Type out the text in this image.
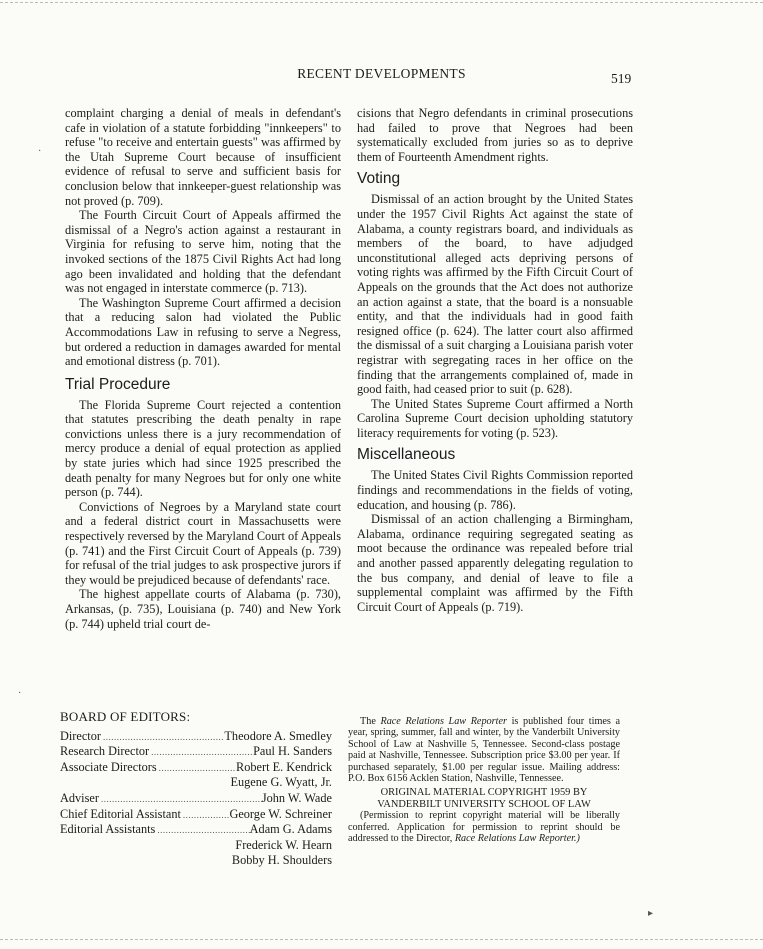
RECENT DEVELOPMENTS	519

complaint charging a denial of meals in defendant's cafe in violation of a statute forbidding "innkeepers" to refuse "to receive and entertain guests" was affirmed by the Utah Supreme Court because of insufficient evidence of refusal to serve and sufficient basis for conclusion below that innkeeper-guest relationship was not proved (p. 709).

The Fourth Circuit Court of Appeals affirmed the dismissal of a Negro's action against a restaurant in Virginia for refusing to serve him, noting that the invoked sections of the 1875 Civil Rights Act had long ago been invalidated and holding that the defendant was not engaged in interstate commerce (p. 713).

The Washington Supreme Court affirmed a decision that a reducing salon had violated the Public Accommodations Law in refusing to serve a Negress, but ordered a reduction in damages awarded for mental and emotional distress (p. 701).

Trial Procedure

The Florida Supreme Court rejected a contention that statutes prescribing the death penalty in rape convictions unless there is a jury recommendation of mercy produce a denial of equal protection as applied by state juries which had since 1925 prescribed the death penalty for many Negroes but for only one white person (p. 744).

Convictions of Negroes by a Maryland state court and a federal district court in Massachusetts were respectively reversed by the Maryland Court of Appeals (p. 741) and the First Circuit Court of Appeals (p. 739) for refusal of the trial judges to ask prospective jurors if they would be prejudiced because of defendants' race.

The highest appellate courts of Alabama (p. 730), Arkansas, (p. 735), Louisiana (p. 740) and New York (p. 744) upheld trial court de-

cisions that Negro defendants in criminal prosecutions had failed to prove that Negroes had been systematically excluded from juries so as to deprive them of Fourteenth Amendment rights.

Voting

Dismissal of an action brought by the United States under the 1957 Civil Rights Act against the state of Alabama, a county registrars board, and individuals as members of the board, to have adjudged unconstitutional alleged acts depriving persons of voting rights was affirmed by the Fifth Circuit Court of Appeals on the grounds that the Act does not authorize an action against a state, that the board is a nonsuable entity, and that the individuals had in good faith resigned office (p. 624). The latter court also affirmed the dismissal of a suit charging a Louisiana parish voter registrar with segregating races in her office on the finding that the arrangements complained of, made in good faith, had ceased prior to suit (p. 628).

The United States Supreme Court affirmed a North Carolina Supreme Court decision upholding statutory literacy requirements for voting (p. 523).

Miscellaneous

The United States Civil Rights Commission reported findings and recommendations in the fields of voting, education, and housing (p. 786).

Dismissal of an action challenging a Birmingham, Alabama, ordinance requiring segregated seating as moot because the ordinance was repealed before trial and another passed apparently delegating regulation to the bus company, and denial of leave to file a supplemental complaint was affirmed by the Fifth Circuit Court of Appeals (p. 719).

BOARD OF EDITORS:

Director .....	Theodore A. Smedley
Research Director .....	Paul H. Sanders
Associate Directors .....	Robert E. Kendrick
Eugene G. Wyatt, Jr.
Adviser .....	John W. Wade
Chief Editorial Assistant .....	George W. Schreiner
Editorial Assistants .....	Adam G. Adams
Frederick W. Hearn
Bobby H. Shoulders

The Race Relations Law Reporter is published four times a year, spring, summer, fall and winter, by the Vanderbilt University School of Law at Nashville 5, Tennessee. Second-class postage paid at Nashville, Tennessee. Subscription price $3.00 per year. If purchased separately, $1.00 per regular issue. Mailing address: P.O. Box 6156 Acklen Station, Nashville, Tennessee.

ORIGINAL MATERIAL COPYRIGHT 1959 BY

VANDERBILT UNIVERSITY SCHOOL OF LAW

(Permission to reprint copyright material will be liberally conferred. Application for permission to reprint should be addressed to the Director, Race Relations Law Reporter.)

·
·
▸
